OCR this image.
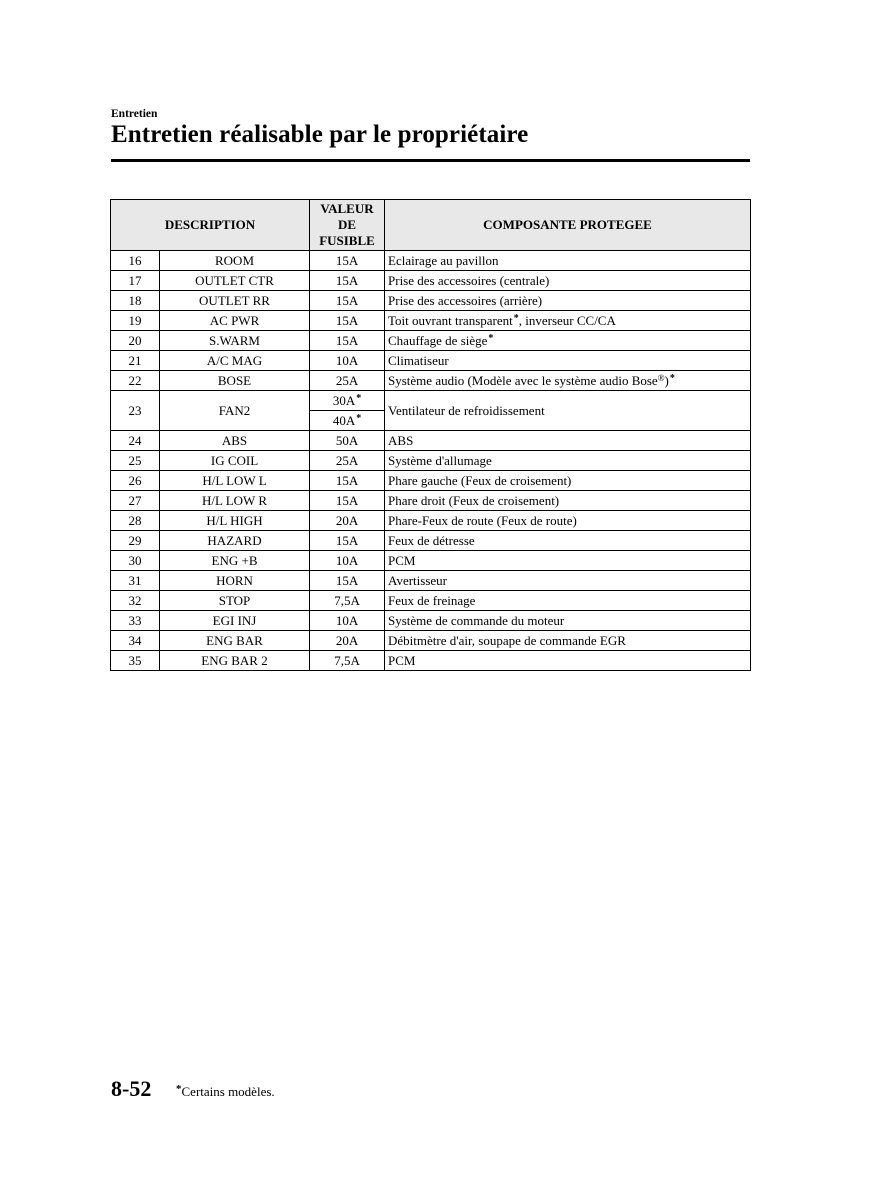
Entretien
Entretien réalisable par le propriétaire
DESCRIPTION		VALEUR
DE
FUSIBLE	COMPOSANTE PROTEGEE
16	ROOM	15A	Eclairage au pavillon
17	OUTLET CTR	15A	Prise des accessoires (centrale)
18	OUTLET RR	15A	Prise des accessoires (arrière)
19	AC PWR	15A	Toit ouvrant transparent*, inverseur CC/CA
20	S.WARM	15A	Chauffage de siège*
21	A/C MAG	10A	Climatiseur
22	BOSE	25A	Système audio (Modèle avec le système audio Bose®)*
23	FAN2	30A*	Ventilateur de refroidissement
		40A*
24	ABS	50A	ABS
25	IG COIL	25A	Système d'allumage
26	H/L LOW L	15A	Phare gauche (Feux de croisement)
27	H/L LOW R	15A	Phare droit (Feux de croisement)
28	H/L HIGH	20A	Phare-Feux de route (Feux de route)
29	HAZARD	15A	Feux de détresse
30	ENG +B	10A	PCM
31	HORN	15A	Avertisseur
32	STOP	7,5A	Feux de freinage
33	EGI INJ	10A	Système de commande du moteur
34	ENG BAR	20A	Débitmètre d'air, soupape de commande EGR
35	ENG BAR 2	7,5A	PCM
8-52 *Certains modèles.
